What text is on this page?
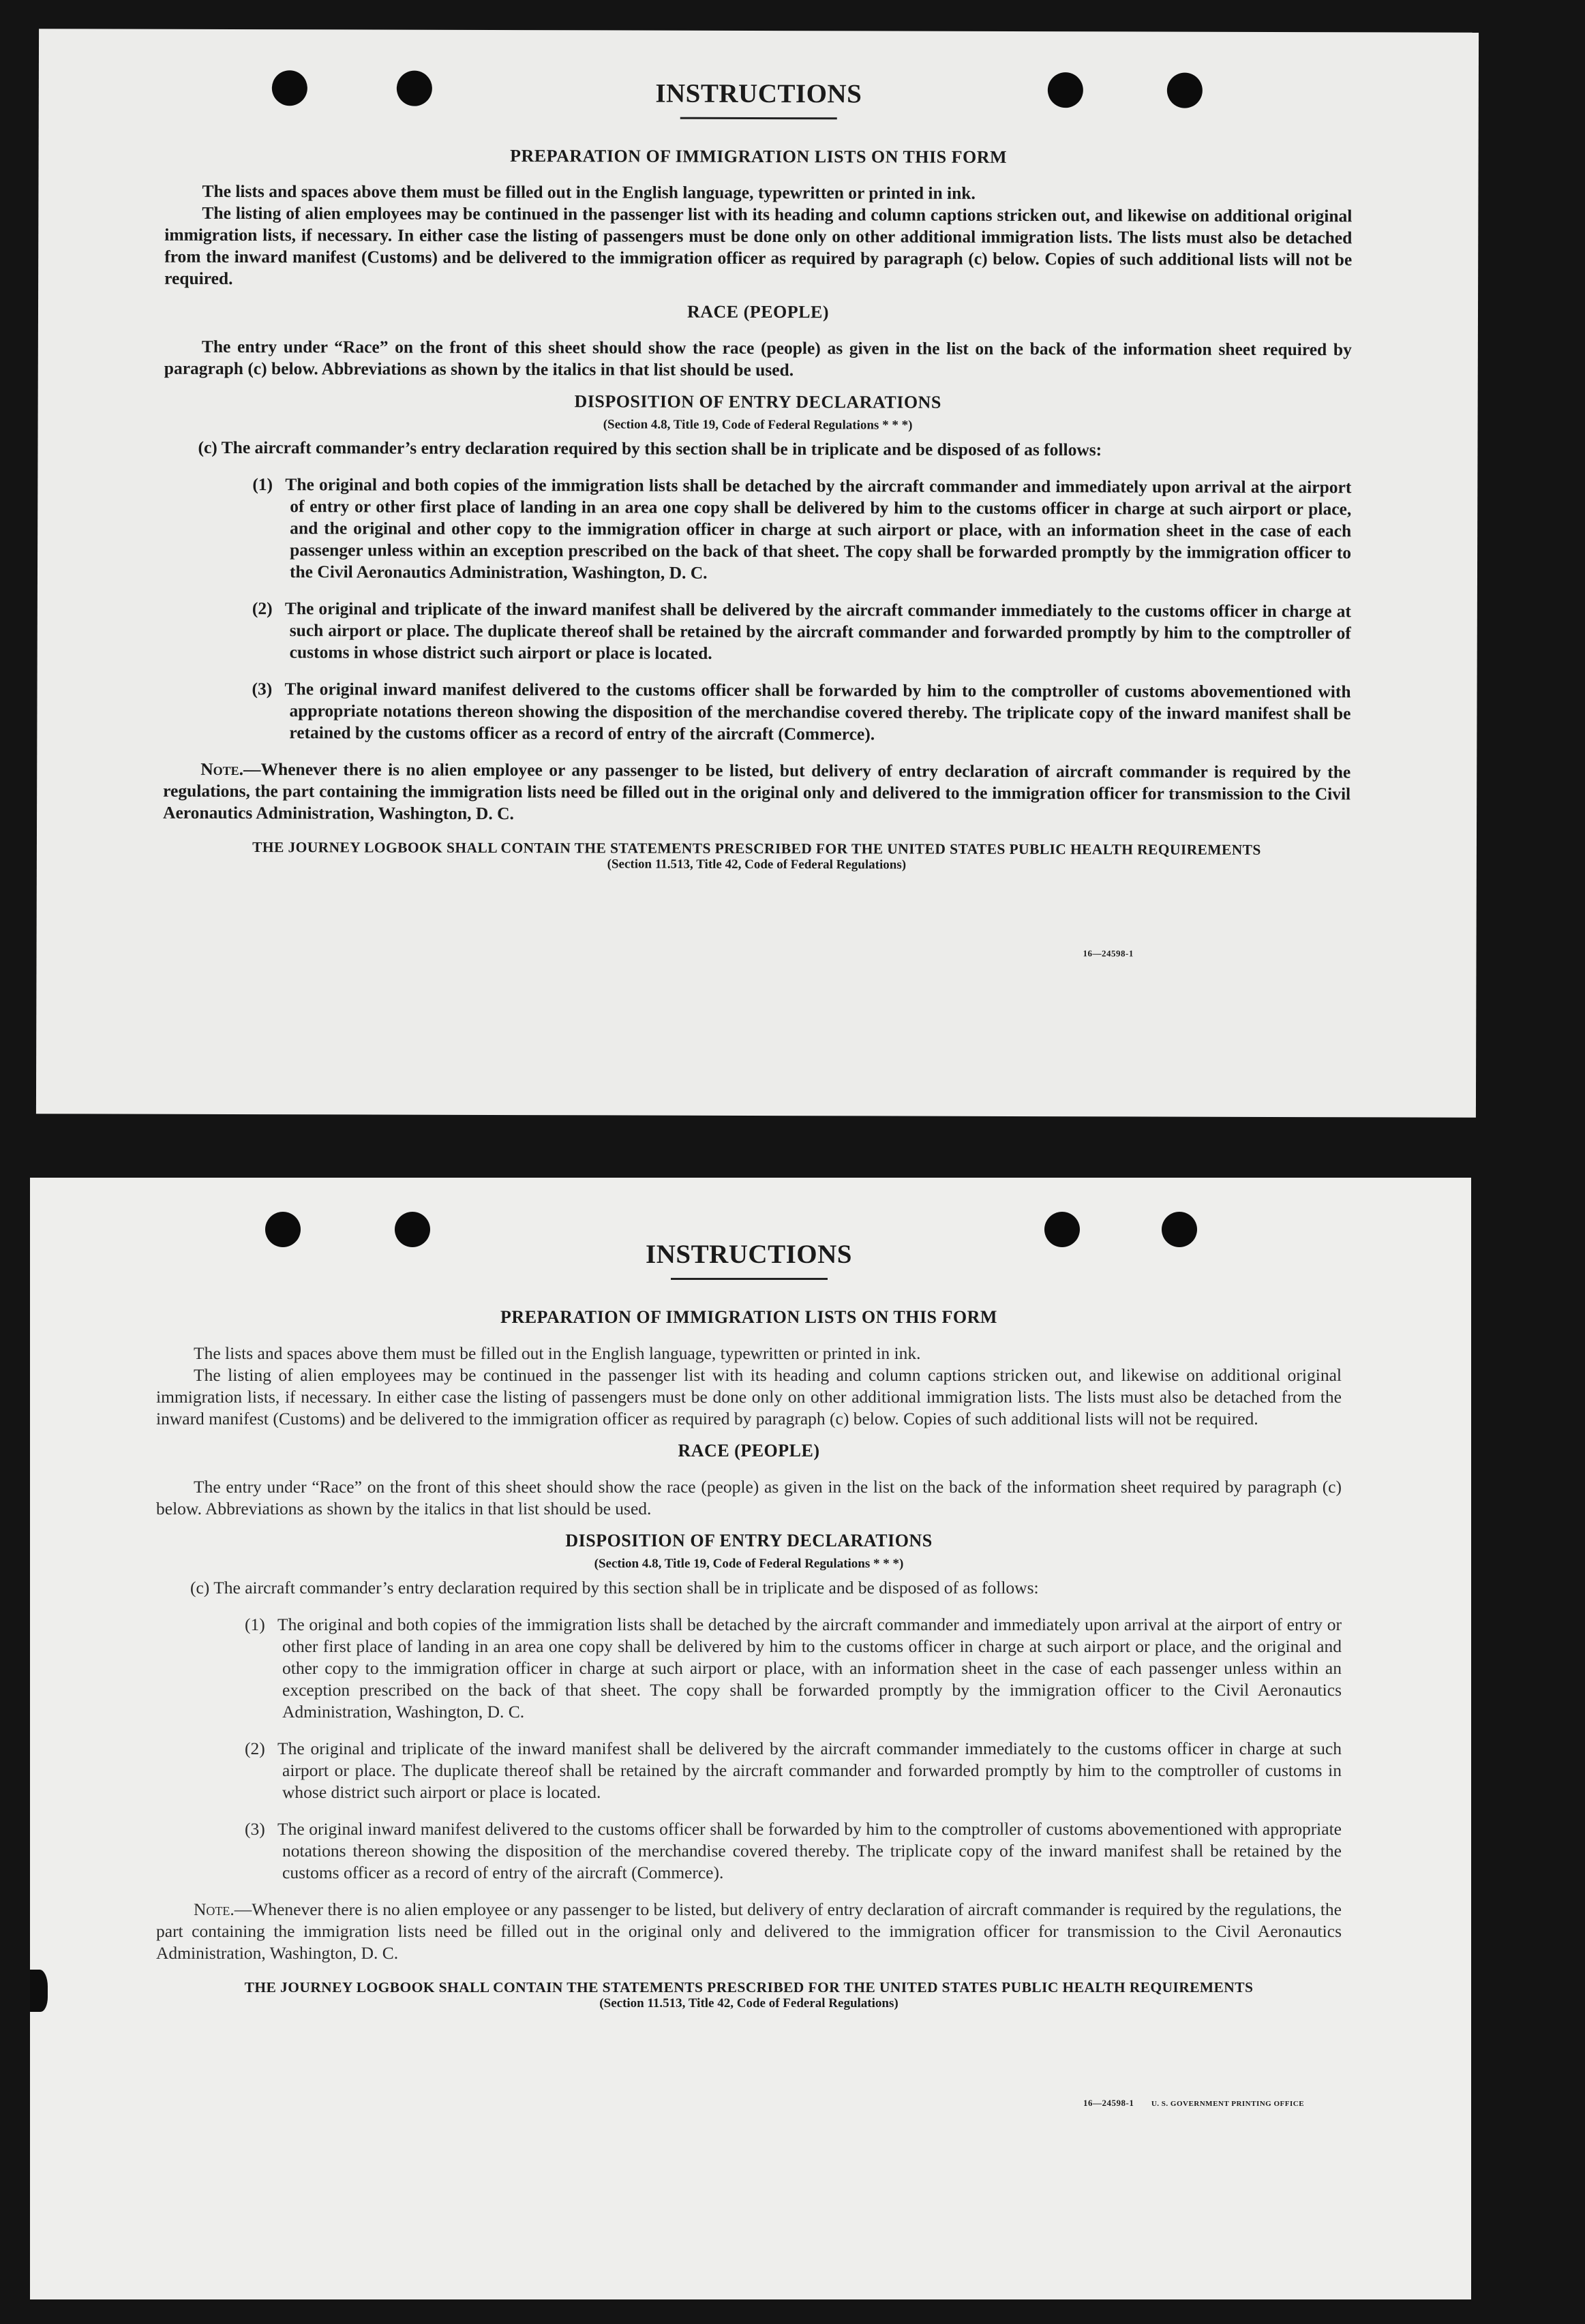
INSTRUCTIONS
PREPARATION OF IMMIGRATION LISTS ON THIS FORM

The lists and spaces above them must be filled out in the English language, typewritten or printed in ink.

The listing of alien employees may be continued in the passenger list with its heading and column captions stricken out, and likewise on additional original immigration lists, if necessary. In either case the listing of passengers must be done only on other additional immigration lists. The lists must also be detached from the inward manifest (Customs) and be delivered to the immigration officer as required by paragraph (c) below. Copies of such additional lists will not be required.

RACE (PEOPLE)

The entry under “Race” on the front of this sheet should show the race (people) as given in the list on the back of the information sheet required by paragraph (c) below. Abbreviations as shown by the italics in that list should be used.

DISPOSITION OF ENTRY DECLARATIONS

(Section 4.8, Title 19, Code of Federal Regulations * * *)

(c) The aircraft commander’s entry declaration required by this section shall be in triplicate and be disposed of as follows:

(1) The original and both copies of the immigration lists shall be detached by the aircraft commander and immediately upon arrival at the airport of entry or other first place of landing in an area one copy shall be delivered by him to the customs officer in charge at such airport or place, and the original and other copy to the immigration officer in charge at such airport or place, with an information sheet in the case of each passenger unless within an exception prescribed on the back of that sheet. The copy shall be forwarded promptly by the immigration officer to the Civil Aeronautics Administration, Washington, D. C.

(2) The original and triplicate of the inward manifest shall be delivered by the aircraft commander immediately to the customs officer in charge at such airport or place. The duplicate thereof shall be retained by the aircraft commander and forwarded promptly by him to the comptroller of customs in whose district such airport or place is located.

(3) The original inward manifest delivered to the customs officer shall be forwarded by him to the comptroller of customs abovementioned with appropriate notations thereon showing the disposition of the merchandise covered thereby. The triplicate copy of the inward manifest shall be retained by the customs officer as a record of entry of the aircraft (Commerce).

Note.—Whenever there is no alien employee or any passenger to be listed, but delivery of entry declaration of aircraft commander is required by the regulations, the part containing the immigration lists need be filled out in the original only and delivered to the immigration officer for transmission to the Civil Aeronautics Administration, Washington, D. C.

THE JOURNEY LOGBOOK SHALL CONTAIN THE STATEMENTS PRESCRIBED FOR THE UNITED STATES PUBLIC HEALTH REQUIREMENTS

(Section 11.513, Title 42, Code of Federal Regulations)

16—24598-1
INSTRUCTIONS
PREPARATION OF IMMIGRATION LISTS ON THIS FORM

The lists and spaces above them must be filled out in the English language, typewritten or printed in ink.

The listing of alien employees may be continued in the passenger list with its heading and column captions stricken out, and likewise on additional original immigration lists, if necessary. In either case the listing of passengers must be done only on other additional immigration lists. The lists must also be detached from the inward manifest (Customs) and be delivered to the immigration officer as required by paragraph (c) below. Copies of such additional lists will not be required.

RACE (PEOPLE)

The entry under “Race” on the front of this sheet should show the race (people) as given in the list on the back of the information sheet required by paragraph (c) below. Abbreviations as shown by the italics in that list should be used.

DISPOSITION OF ENTRY DECLARATIONS

(Section 4.8, Title 19, Code of Federal Regulations * * *)

(c) The aircraft commander’s entry declaration required by this section shall be in triplicate and be disposed of as follows:

(1) The original and both copies of the immigration lists shall be detached by the aircraft commander and immediately upon arrival at the airport of entry or other first place of landing in an area one copy shall be delivered by him to the customs officer in charge at such airport or place, and the original and other copy to the immigration officer in charge at such airport or place, with an information sheet in the case of each passenger unless within an exception prescribed on the back of that sheet. The copy shall be forwarded promptly by the immigration officer to the Civil Aeronautics Administration, Washington, D. C.

(2) The original and triplicate of the inward manifest shall be delivered by the aircraft commander immediately to the customs officer in charge at such airport or place. The duplicate thereof shall be retained by the aircraft commander and forwarded promptly by him to the comptroller of customs in whose district such airport or place is located.

(3) The original inward manifest delivered to the customs officer shall be forwarded by him to the comptroller of customs abovementioned with appropriate notations thereon showing the disposition of the merchandise covered thereby. The triplicate copy of the inward manifest shall be retained by the customs officer as a record of entry of the aircraft (Commerce).

Note.—Whenever there is no alien employee or any passenger to be listed, but delivery of entry declaration of aircraft commander is required by the regulations, the part containing the immigration lists need be filled out in the original only and delivered to the immigration officer for transmission to the Civil Aeronautics Administration, Washington, D. C.

THE JOURNEY LOGBOOK SHALL CONTAIN THE STATEMENTS PRESCRIBED FOR THE UNITED STATES PUBLIC HEALTH REQUIREMENTS

(Section 11.513, Title 42, Code of Federal Regulations)

16—24598-1 U. S. GOVERNMENT PRINTING OFFICE
